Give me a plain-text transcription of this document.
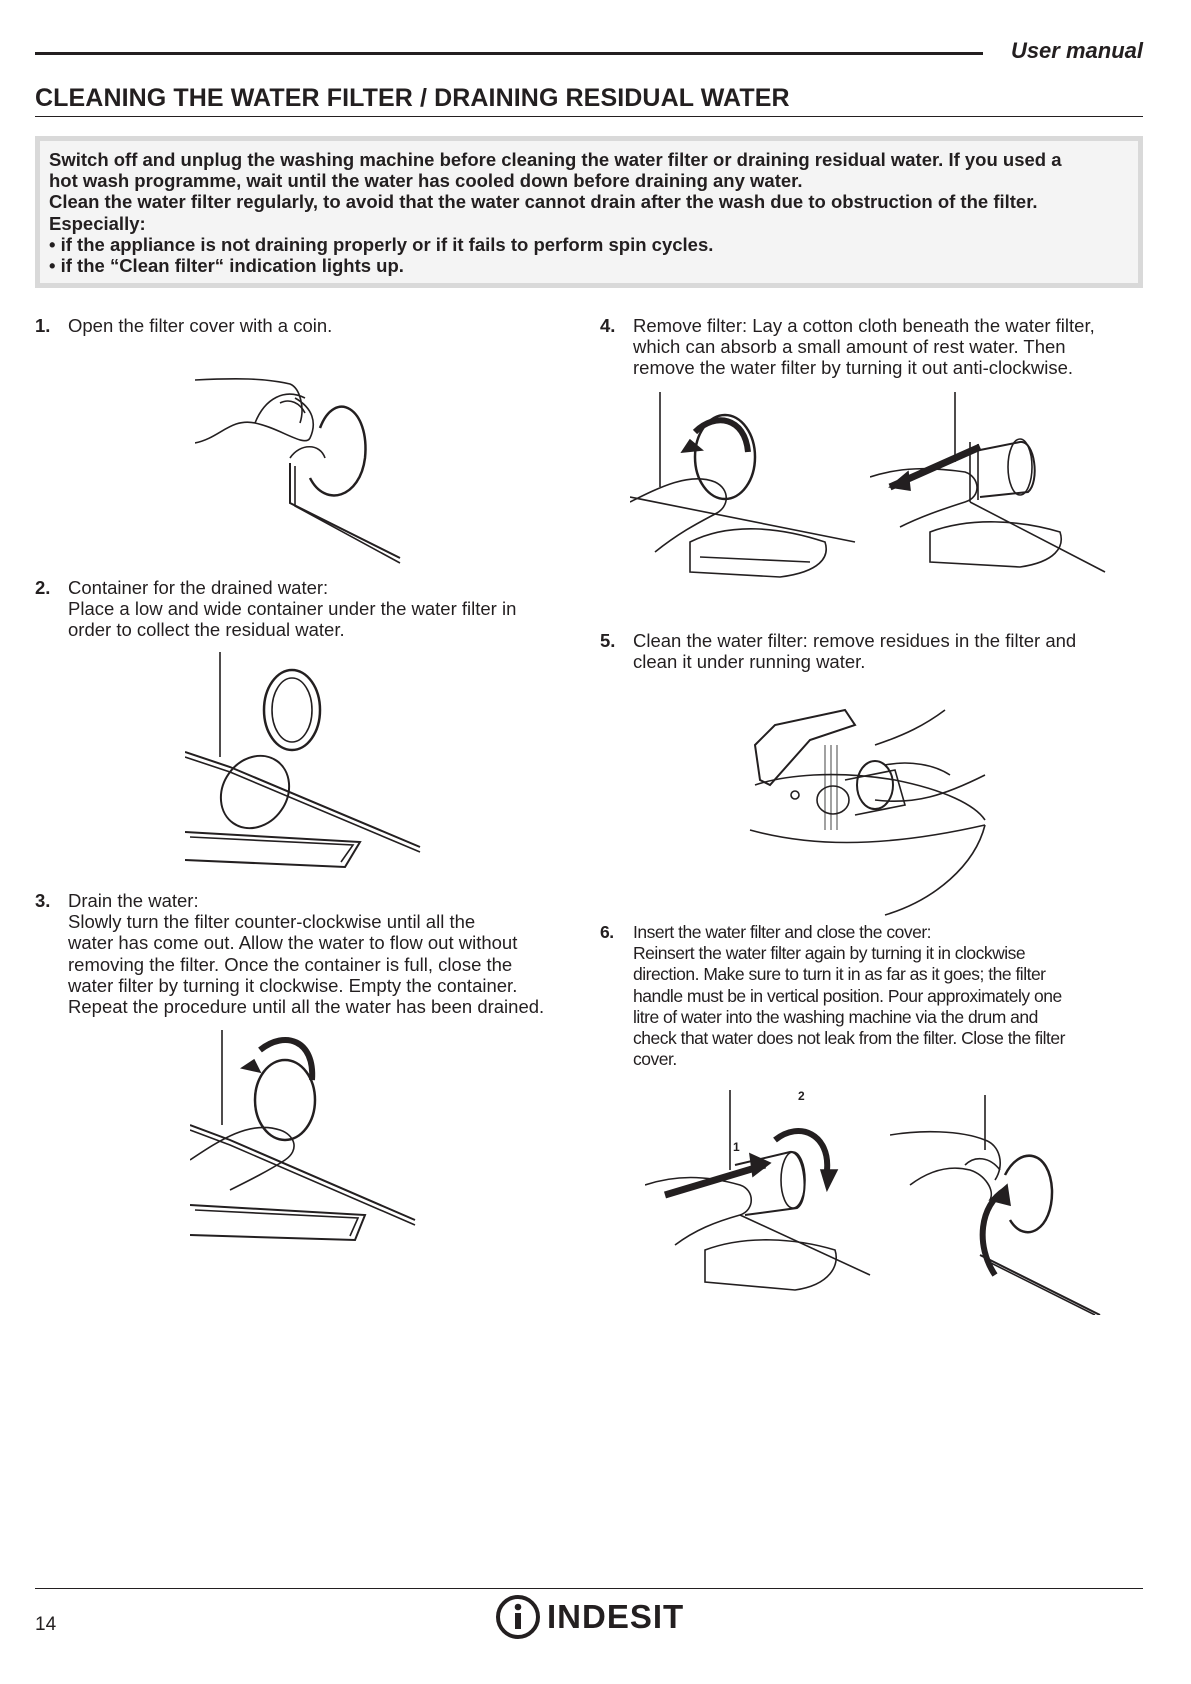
User manual
CLEANING THE WATER FILTER / DRAINING RESIDUAL WATER
Switch off and unplug the washing machine before cleaning the water filter or draining residual water. If you used a
hot wash programme, wait until the water has cooled down before draining any water.
Clean the water filter regularly, to avoid that the water cannot drain after the wash due to obstruction of the filter.
Especially:
• if the appliance is not draining properly or if it fails to perform spin cycles.
• if the “Clean filter“ indication lights up.
1. Open the filter cover with a coin.
2. Container for the drained water:
Place a low and wide container under the water filter in
order to collect the residual water.
3. Drain the water:
Slowly turn the filter counter-clockwise until all the
water has come out. Allow the water to flow out without
removing the filter. Once the container is full, close the
water filter by turning it clockwise. Empty the container.
Repeat the procedure until all the water has been drained.
4. Remove filter: Lay a cotton cloth beneath the water filter,
which can absorb a small amount of rest water. Then
remove the water filter by turning it out anti-clockwise.
5. Clean the water filter: remove residues in the filter and
clean it under running water.
6. Insert the water filter and close the cover:
Reinsert the water filter again by turning it in clockwise
direction. Make sure to turn it in as far as it goes; the filter
handle must be in vertical position. Pour approximately one
litre of water into the washing machine via the drum and
check that water does not leak from the filter. Close the filter
cover.
1
2
14	INDESIT
